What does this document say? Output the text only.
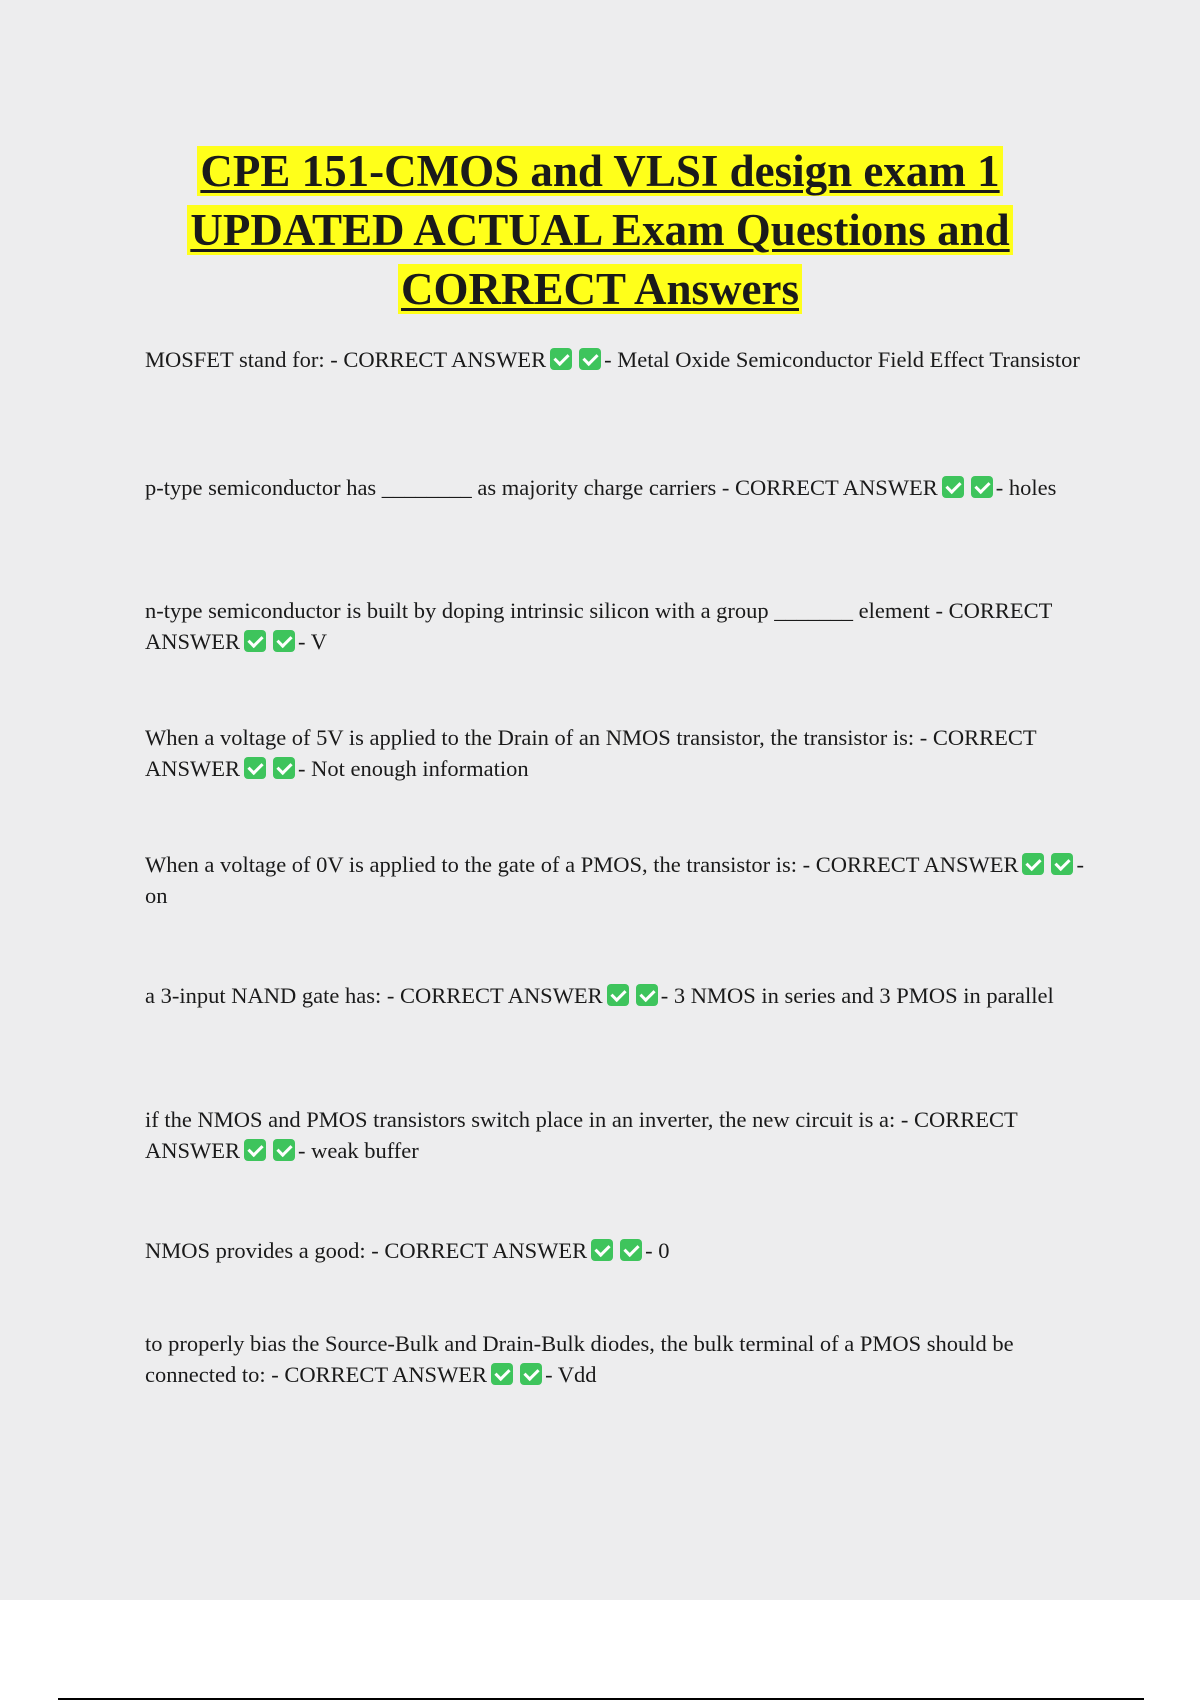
CPE 151-CMOS and VLSI design exam 1 UPDATED ACTUAL Exam Questions and CORRECT Answers

MOSFET stand for: - CORRECT ANSWER	- Metal Oxide Semiconductor Field Effect Transistor

p-type semiconductor has ________ as majority charge carriers - CORRECT ANSWER	- holes

n-type semiconductor is built by doping intrinsic silicon with a group _______ element - CORRECT ANSWER	- V

When a voltage of 5V is applied to the Drain of an NMOS transistor, the transistor is: - CORRECT ANSWER	- Not enough information

When a voltage of 0V is applied to the gate of a PMOS, the transistor is: - CORRECT ANSWER	- on

a 3-input NAND gate has: - CORRECT ANSWER	- 3 NMOS in series and 3 PMOS in parallel

if the NMOS and PMOS transistors switch place in an inverter, the new circuit is a: - CORRECT ANSWER	- weak buffer

NMOS provides a good: - CORRECT ANSWER	- 0

to properly bias the Source-Bulk and Drain-Bulk diodes, the bulk terminal of a PMOS should be connected to: - CORRECT ANSWER	- Vdd
